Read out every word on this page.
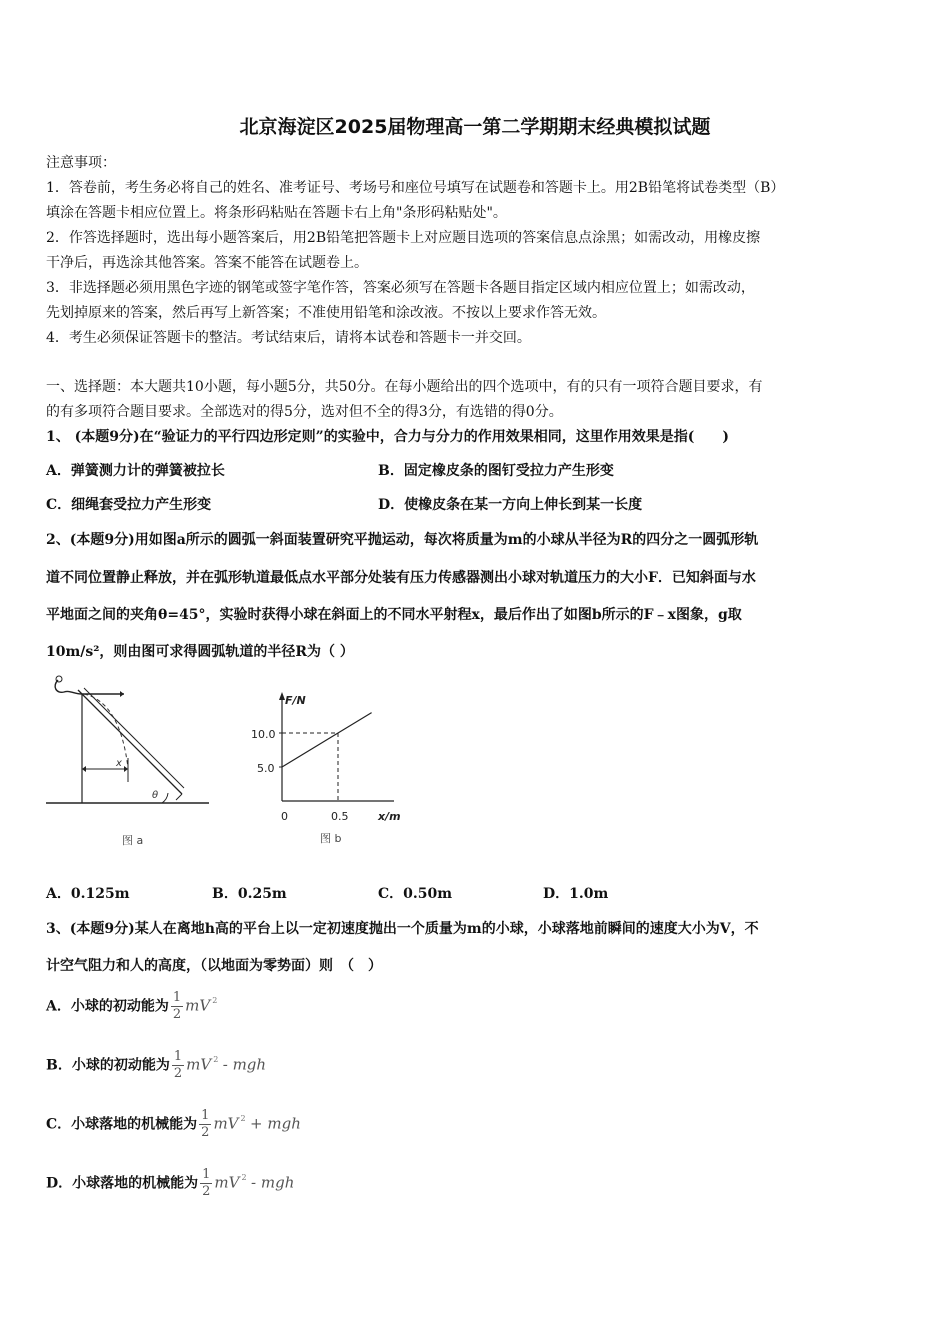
北京海淀区2025届物理高一第二学期期末经典模拟试题
注意事项：
1．答卷前，考生务必将自己的姓名、准考证号、考场号和座位号填写在试题卷和答题卡上。用2B铅笔将试卷类型（B）
填涂在答题卡相应位置上。将条形码粘贴在答题卡右上角"条形码粘贴处"。
2．作答选择题时，选出每小题答案后，用2B铅笔把答题卡上对应题目选项的答案信息点涂黑；如需改动，用橡皮擦
干净后，再选涂其他答案。答案不能答在试题卷上。
3．非选择题必须用黑色字迹的钢笔或签字笔作答，答案必须写在答题卡各题目指定区域内相应位置上；如需改动，
先划掉原来的答案，然后再写上新答案；不准使用铅笔和涂改液。不按以上要求作答无效。
4．考生必须保证答题卡的整洁。考试结束后，请将本试卷和答题卡一并交回。
一、选择题：本大题共10小题，每小题5分，共50分。在每小题给出的四个选项中，有的只有一项符合题目要求，有
的有多项符合题目要求。全部选对的得5分，选对但不全的得3分，有选错的得0分。
1、 (本题9分)在“验证力的平行四边形定则”的实验中，合力与分力的作用效果相同，这里作用效果是指(　　)
A．弹簧测力计的弹簧被拉长	B．固定橡皮条的图钉受拉力产生形变
C．细绳套受拉力产生形变	D．使橡皮条在某一方向上伸长到某一长度
2、(本题9分)用如图a所示的圆弧一斜面装置研究平抛运动，每次将质量为m的小球从半径为R的四分之一圆弧形轨
道不同位置静止释放，并在弧形轨道最低点水平部分处装有压力传感器测出小球对轨道压力的大小F．已知斜面与水
平地面之间的夹角θ=45°，实验时获得小球在斜面上的不同水平射程x，最后作出了如图b所示的F﹣x图象，g取
10m/s²，则由图可求得圆弧轨道的半径R为（ ）
x
θ
图 a
F/N
x/m
0
5.0
10.0
0.5
图 b
A．0.125m	B．0.25m	C．0.50m	D．1.0m
3、(本题9分)某人在离地h高的平台上以一定初速度抛出一个质量为m的小球，小球落地前瞬间的速度大小为V，不
计空气阻力和人的高度，（以地面为零势面）则　（　）
A．小球的初动能为 $\frac{1}{2}$ mV $^2$
B．小球的初动能为 $\frac{1}{2}$ mV $^2$ - mgh
C．小球落地的机械能为 $\frac{1}{2}$ mV $^2$ + mgh
D．小球落地的机械能为 $\frac{1}{2}$ mV $^2$ - mgh
